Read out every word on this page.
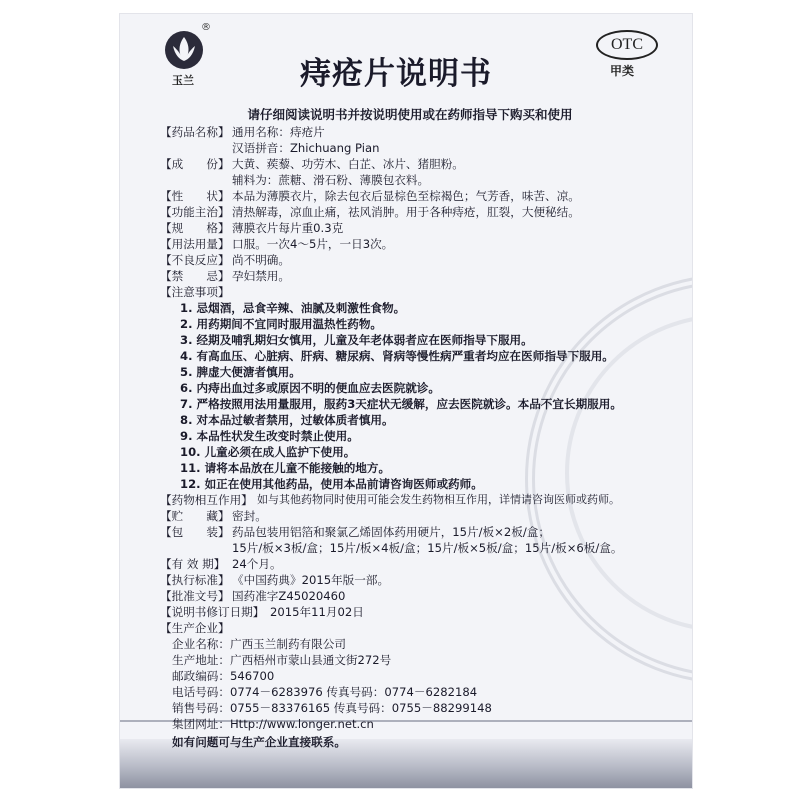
®
玉兰
OTC
甲类
痔疮片说明书
请仔细阅读说明书并按说明使用或在药师指导下购买和使用
【药品名称】 通用名称：痔疮片
汉语拼音：Zhichuang Pian
【成　　份】 大黄、蒺藜、功劳木、白芷、冰片、猪胆粉。
辅料为：蔗糖、滑石粉、薄膜包衣料。
【性　　状】 本品为薄膜衣片，除去包衣后显棕色至棕褐色；气芳香，味苦、凉。
【功能主治】 清热解毒，凉血止痛，祛风消肿。用于各种痔疮，肛裂，大便秘结。
【规　　格】 薄膜衣片每片重0.3克
【用法用量】 口服。一次4～5片，一日3次。
【不良反应】 尚不明确。
【禁　　忌】 孕妇禁用。
【注意事项】
1. 忌烟酒，忌食辛辣、油腻及刺激性食物。
2. 用药期间不宜同时服用温热性药物。
3. 经期及哺乳期妇女慎用，儿童及年老体弱者应在医师指导下服用。
4. 有高血压、心脏病、肝病、糖尿病、肾病等慢性病严重者均应在医师指导下服用。
5. 脾虚大便溏者慎用。
6. 内痔出血过多或原因不明的便血应去医院就诊。
7. 严格按照用法用量服用，服药3天症状无缓解，应去医院就诊。本品不宜长期服用。
8. 对本品过敏者禁用，过敏体质者慎用。
9. 本品性状发生改变时禁止使用。
10. 儿童必须在成人监护下使用。
11. 请将本品放在儿童不能接触的地方。
12. 如正在使用其他药品，使用本品前请咨询医师或药师。
【药物相互作用】 如与其他药物同时使用可能会发生药物相互作用，详情请咨询医师或药师。
【贮　　藏】 密封。
【包　　装】 药品包装用铝箔和聚氯乙烯固体药用硬片，15片/板×2板/盒；
15片/板×3板/盒；15片/板×4板/盒；15片/板×5板/盒；15片/板×6板/盒。
【有 效 期】 24个月。
【执行标准】 《中国药典》2015年版一部。
【批准文号】 国药准字Z45020460
【说明书修订日期】 2015年11月02日
【生产企业】
企业名称：广西玉兰制药有限公司
生产地址：广西梧州市蒙山县通文街272号
邮政编码：546700
电话号码：0774－6283976 传真号码：0774－6282184
销售号码：0755－83376165 传真号码：0755－88299148
集团网址：Http://www.longer.net.cn
如有问题可与生产企业直接联系。
